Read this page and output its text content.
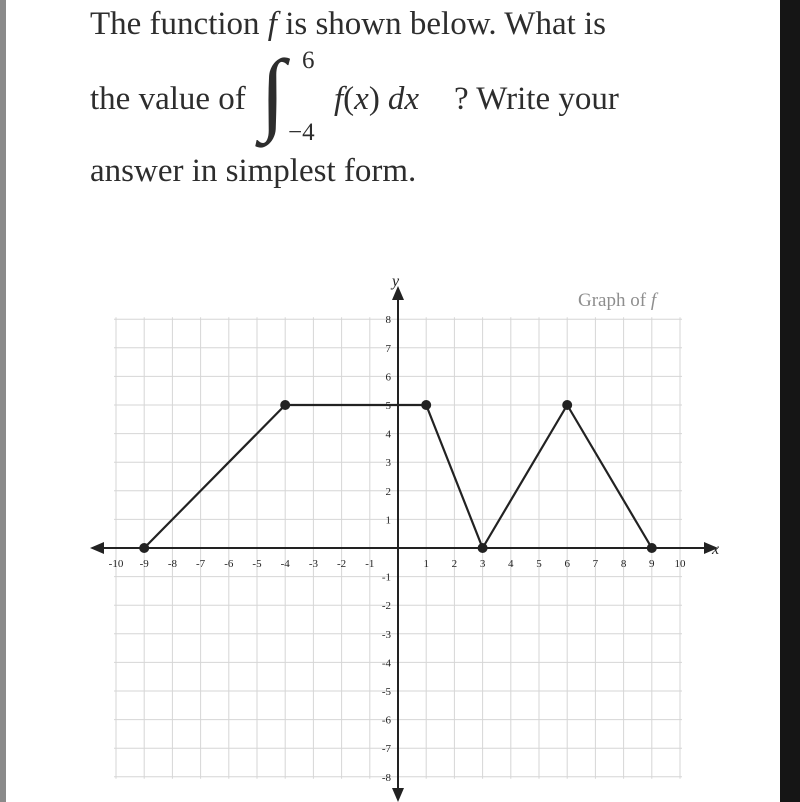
The function f is shown below. What is
the value of ∫ 6
−4
f(x) dx ? Write your
answer in simplest form.
Graph of f
x
y
-10 -9 -8 -7 -6 -5 -4 -3 -2 -1	1 2 3 4 5 6 7 8 9 10
8
7
6
5
4
3
2
1
-1
-2
-3
-4
-5
-6
-7
-8
